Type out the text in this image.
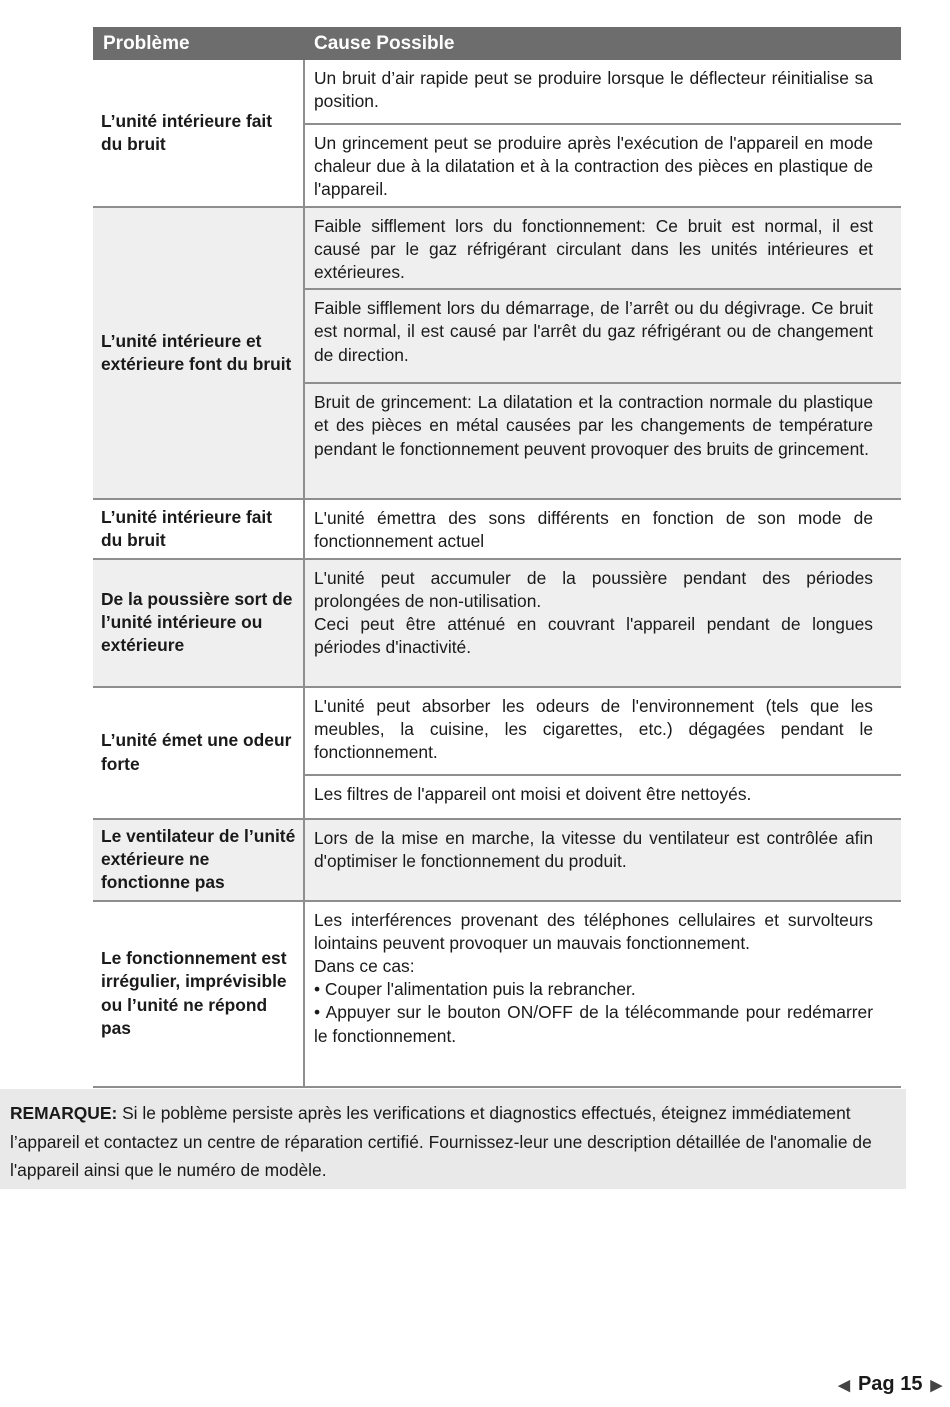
Problème	Cause Possible
L’unité intérieure fait du bruit	Un bruit d’air rapide peut se produire lorsque le déflecteur réinitialise sa position.

	Un grincement peut se produire après l'exécution de l'appareil en mode chaleur due à la dilatation et à la contraction des pièces en plastique de l'appareil.

L’unité intérieure et extérieure font du bruit	Faible sifflement lors du fonctionnement: Ce bruit est normal, il est causé par le gaz réfrigérant circulant dans les unités intérieures et extérieures.

	Faible sifflement lors du démarrage, de l’arrêt ou du dégivrage. Ce bruit est normal, il est causé par l'arrêt du gaz réfrigérant ou de changement de direction.

	Bruit de grincement: La dilatation et la contraction normale du plastique et des pièces en métal causées par les changements de température pendant le fonctionnement peuvent provoquer des bruits de grincement.

L’unité intérieure fait du bruit	L'unité émettra des sons différents en fonction de son mode de fonctionnement actuel

De la poussière sort de l’unité intérieure ou extérieure	L'unité peut accumuler de la poussière pendant des périodes prolongées de non-utilisation.
Ceci peut être atténué en couvrant l'appareil pendant de longues périodes d'inactivité.

L’unité émet une odeur forte	L'unité peut absorber les odeurs de l'environnement (tels que les meubles, la cuisine, les cigarettes, etc.) dégagées pendant le fonctionnement.

	Les filtres de l'appareil ont moisi et doivent être nettoyés.

Le ventilateur de l’unité extérieure ne fonctionne pas	Lors de la mise en marche, la vitesse du ventilateur est contrôlée afin d'optimiser le fonctionnement du produit.

Le fonctionnement est irrégulier, imprévisible ou l’unité ne répond pas	Les interférences provenant des téléphones cellulaires et survolteurs lointains peuvent provoquer un mauvais fonctionnement.
Dans ce cas:
• Couper l'alimentation puis la rebrancher.
• Appuyer sur le bouton ON/OFF de la télécommande pour redémarrer le fonctionnement.
REMARQUE: Si le poblème persiste après les verifications et diagnostics effectués, éteignez immédiatement l’appareil et contactez un centre de réparation certifié. Fournissez-leur une description détaillée de l'anomalie de l'appareil ainsi que le numéro de modèle.
◀ Pag 15 ▶
